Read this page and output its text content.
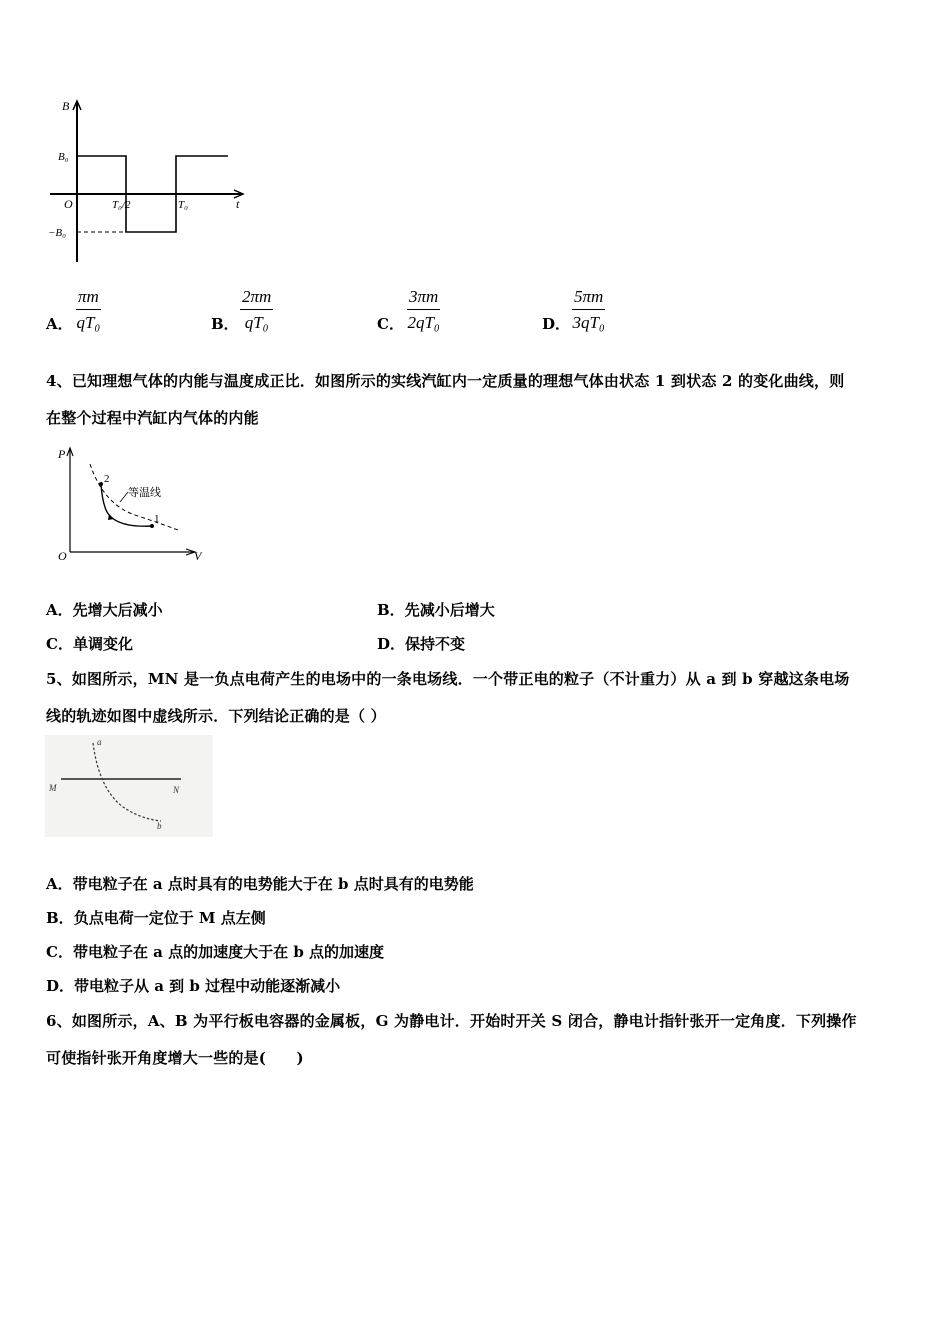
B
B₀
O	T₀/2	T₀	t
−B₀
A． $\frac{\pi m}{\text{qT₀}}$	B． $\frac{2\pi m}{\text{qT₀}}$	C． $\frac{3\pi m}{\text{2qT₀}}$	D． $\frac{5\pi m}{\text{3qT₀}}$
4、已知理想气体的内能与温度成正比．如图所示的实线汽缸内一定质量的理想气体由状态 1 到状态 2 的变化曲线，则
在整个过程中汽缸内气体的内能
P
O	V
2
1
等温线
A．先增大后减小	B．先减小后增大
C．单调变化	D．保持不变
5、如图所示，MN 是一负点电荷产生的电场中的一条电场线．一个带正电的粒子（不计重力）从 a 到 b 穿越这条电场
线的轨迹如图中虚线所示．下列结论正确的是（ ）
M	N
a
b
A．带电粒子在 a 点时具有的电势能大于在 b 点时具有的电势能
B．负点电荷一定位于 M 点左侧
C．带电粒子在 a 点的加速度大于在 b 点的加速度
D．带电粒子从 a 到 b 过程中动能逐渐减小
6、如图所示，A、B 为平行板电容器的金属板，G 为静电计．开始时开关 S 闭合，静电计指针张开一定角度．下列操作
可使指针张开角度增大一些的是(　　)
